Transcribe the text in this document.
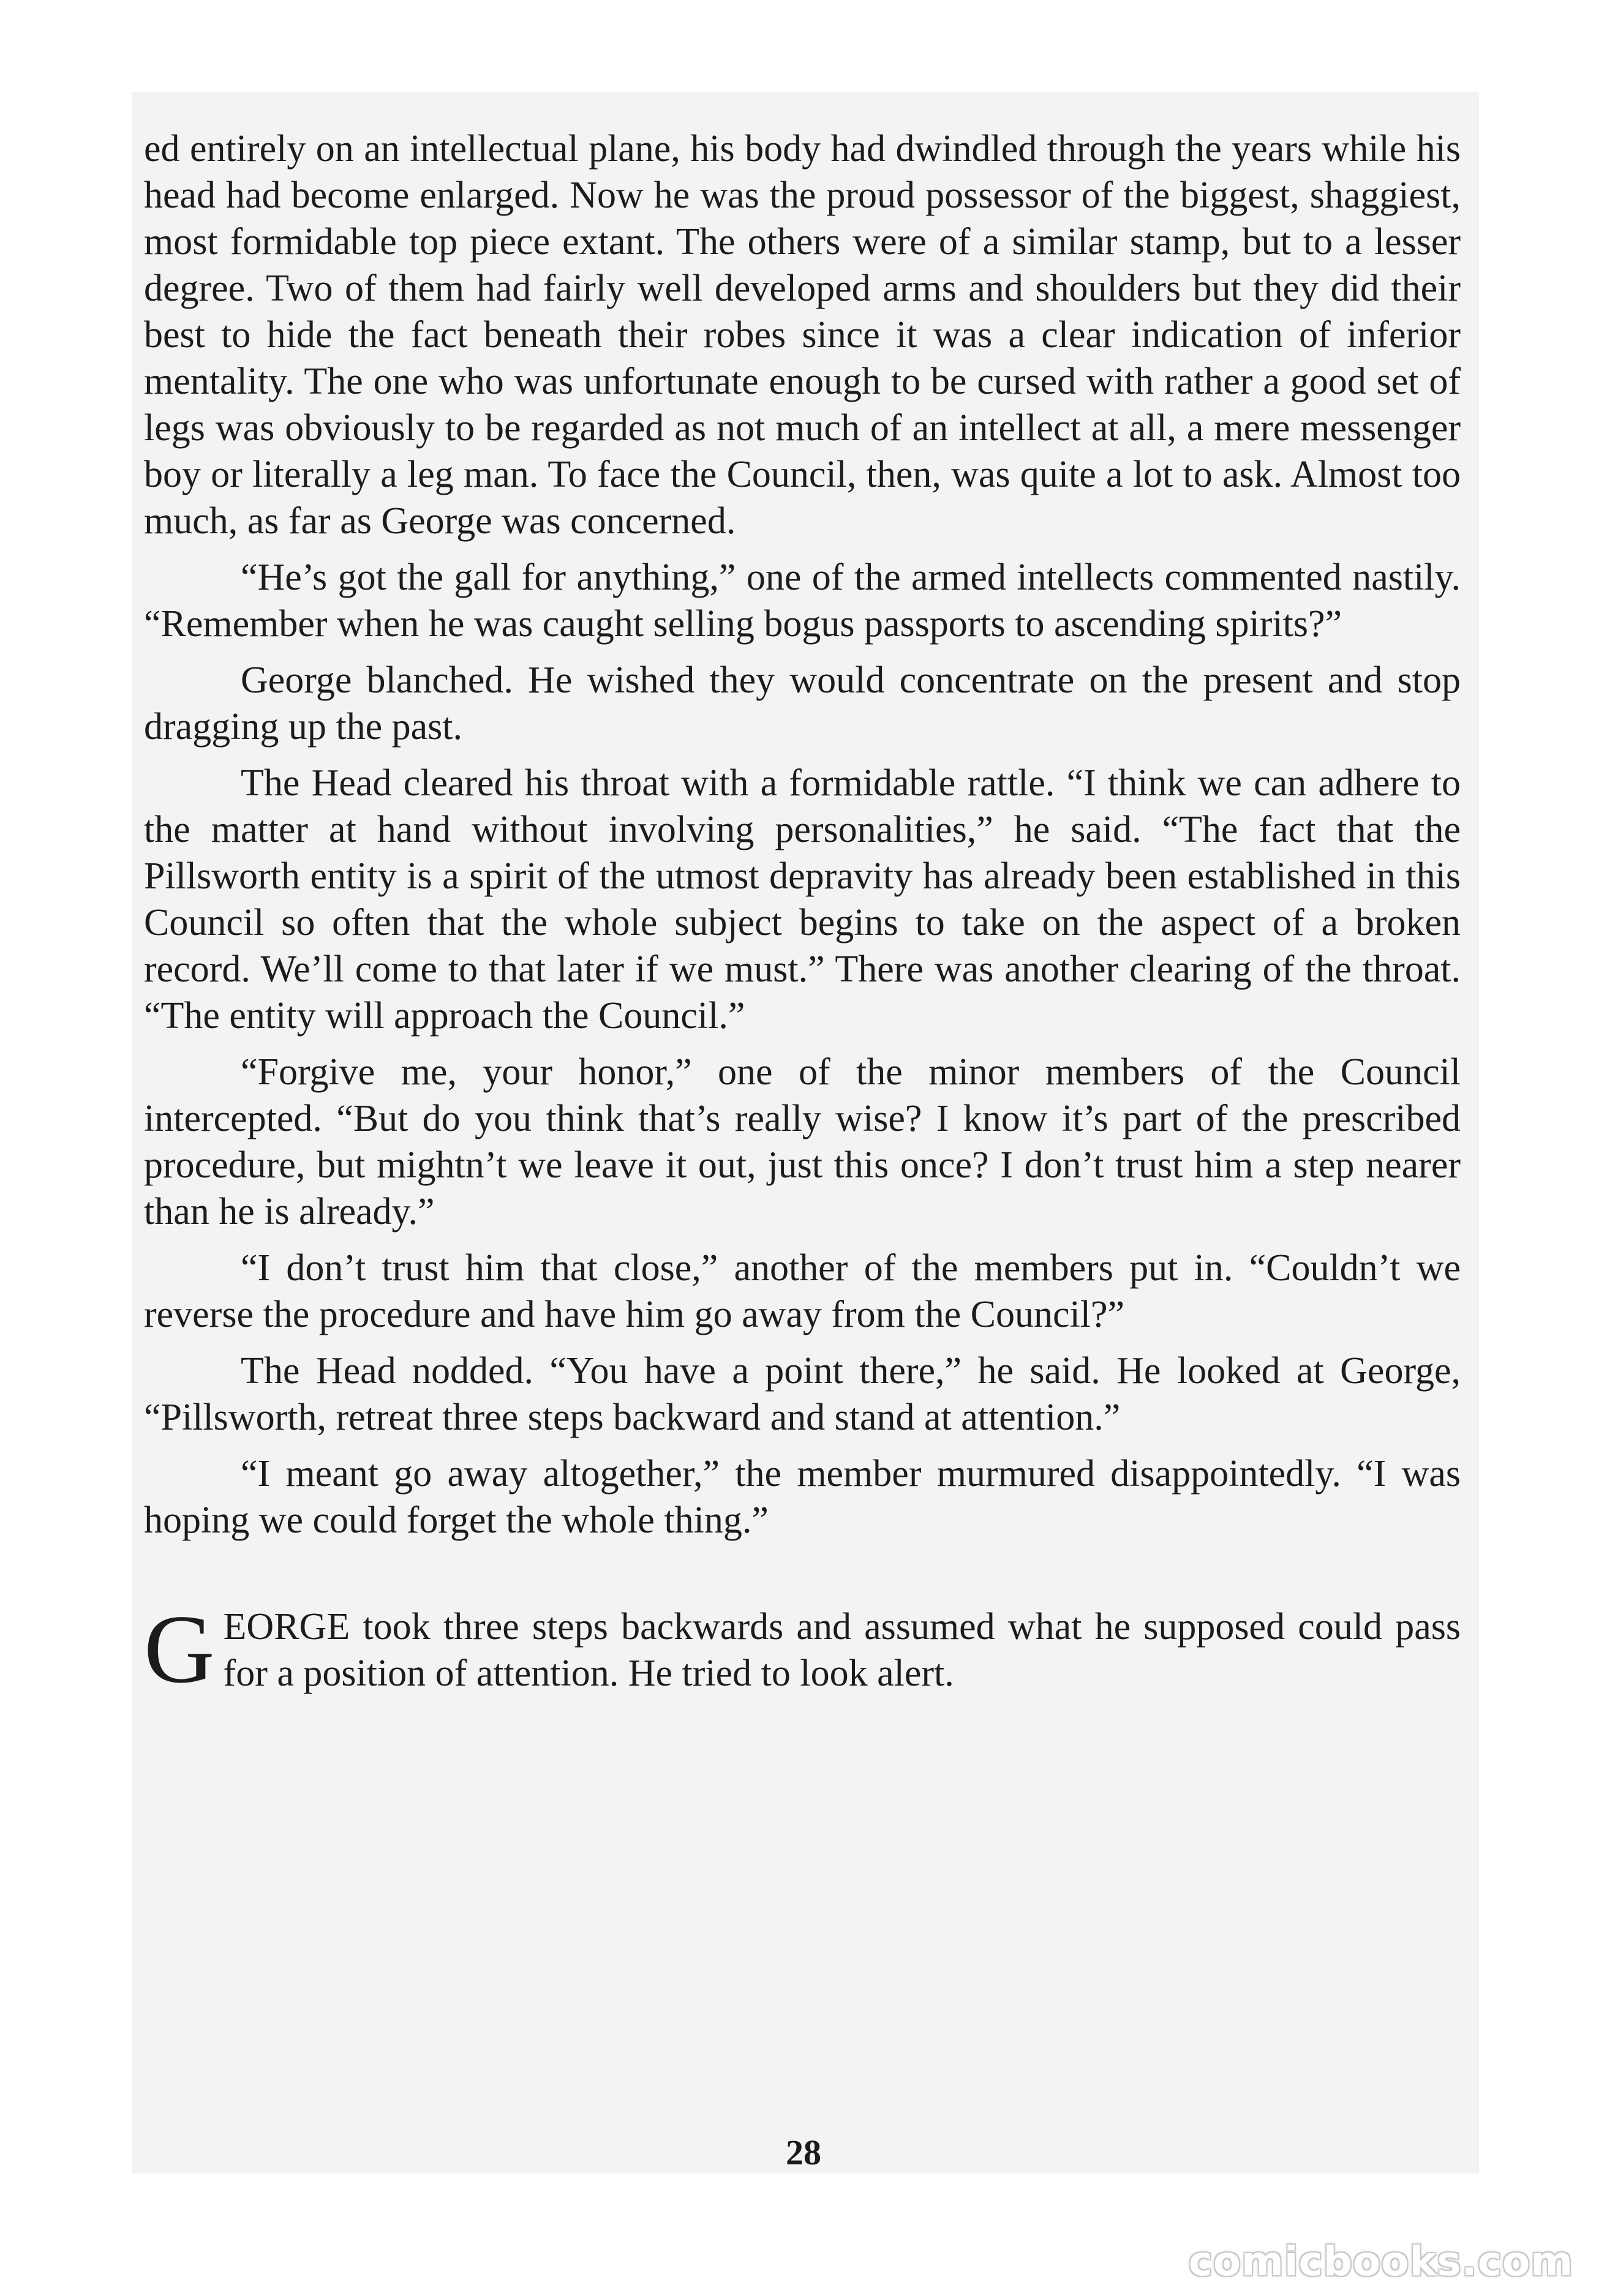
ed entirely on an intellectual plane, his body had dwindled through the years while his head had become enlarged. Now he was the proud possessor of the biggest, shaggiest, most formidable top piece extant. The others were of a similar stamp, but to a lesser degree. Two of them had fairly well developed arms and shoulders but they did their best to hide the fact beneath their robes since it was a clear indication of inferior mentality. The one who was unfortunate enough to be cursed with rather a good set of legs was obviously to be regarded as not much of an intellect at all, a mere messenger boy or literally a leg man. To face the Council, then, was quite a lot to ask. Almost too much, as far as George was concerned.

“He’s got the gall for anything,” one of the armed intellects commented nastily. “Remember when he was caught selling bogus passports to ascending spirits?”

George blanched. He wished they would concentrate on the present and stop dragging up the past.

The Head cleared his throat with a formidable rattle. “I think we can adhere to the matter at hand without involving personalities,” he said. “The fact that the Pillsworth entity is a spirit of the utmost depravity has already been established in this Council so often that the whole subject begins to take on the aspect of a broken record. We’ll come to that later if we must.” There was another clearing of the throat. “The entity will approach the Council.”

“Forgive me, your honor,” one of the minor members of the Council intercepted. “But do you think that’s really wise? I know it’s part of the prescribed procedure, but mightn’t we leave it out, just this once? I don’t trust him a step nearer than he is already.”

“I don’t trust him that close,” another of the members put in. “Couldn’t we reverse the procedure and have him go away from the Council?”

The Head nodded. “You have a point there,” he said. He looked at George, “Pillsworth, retreat three steps backward and stand at attention.”

“I meant go away altogether,” the member murmured disappointedly. “I was hoping we could forget the whole thing.”

G EORGE took three steps backwards and assumed what he supposed could pass for a position of attention. He tried to look alert.

28
comicbooks.com
